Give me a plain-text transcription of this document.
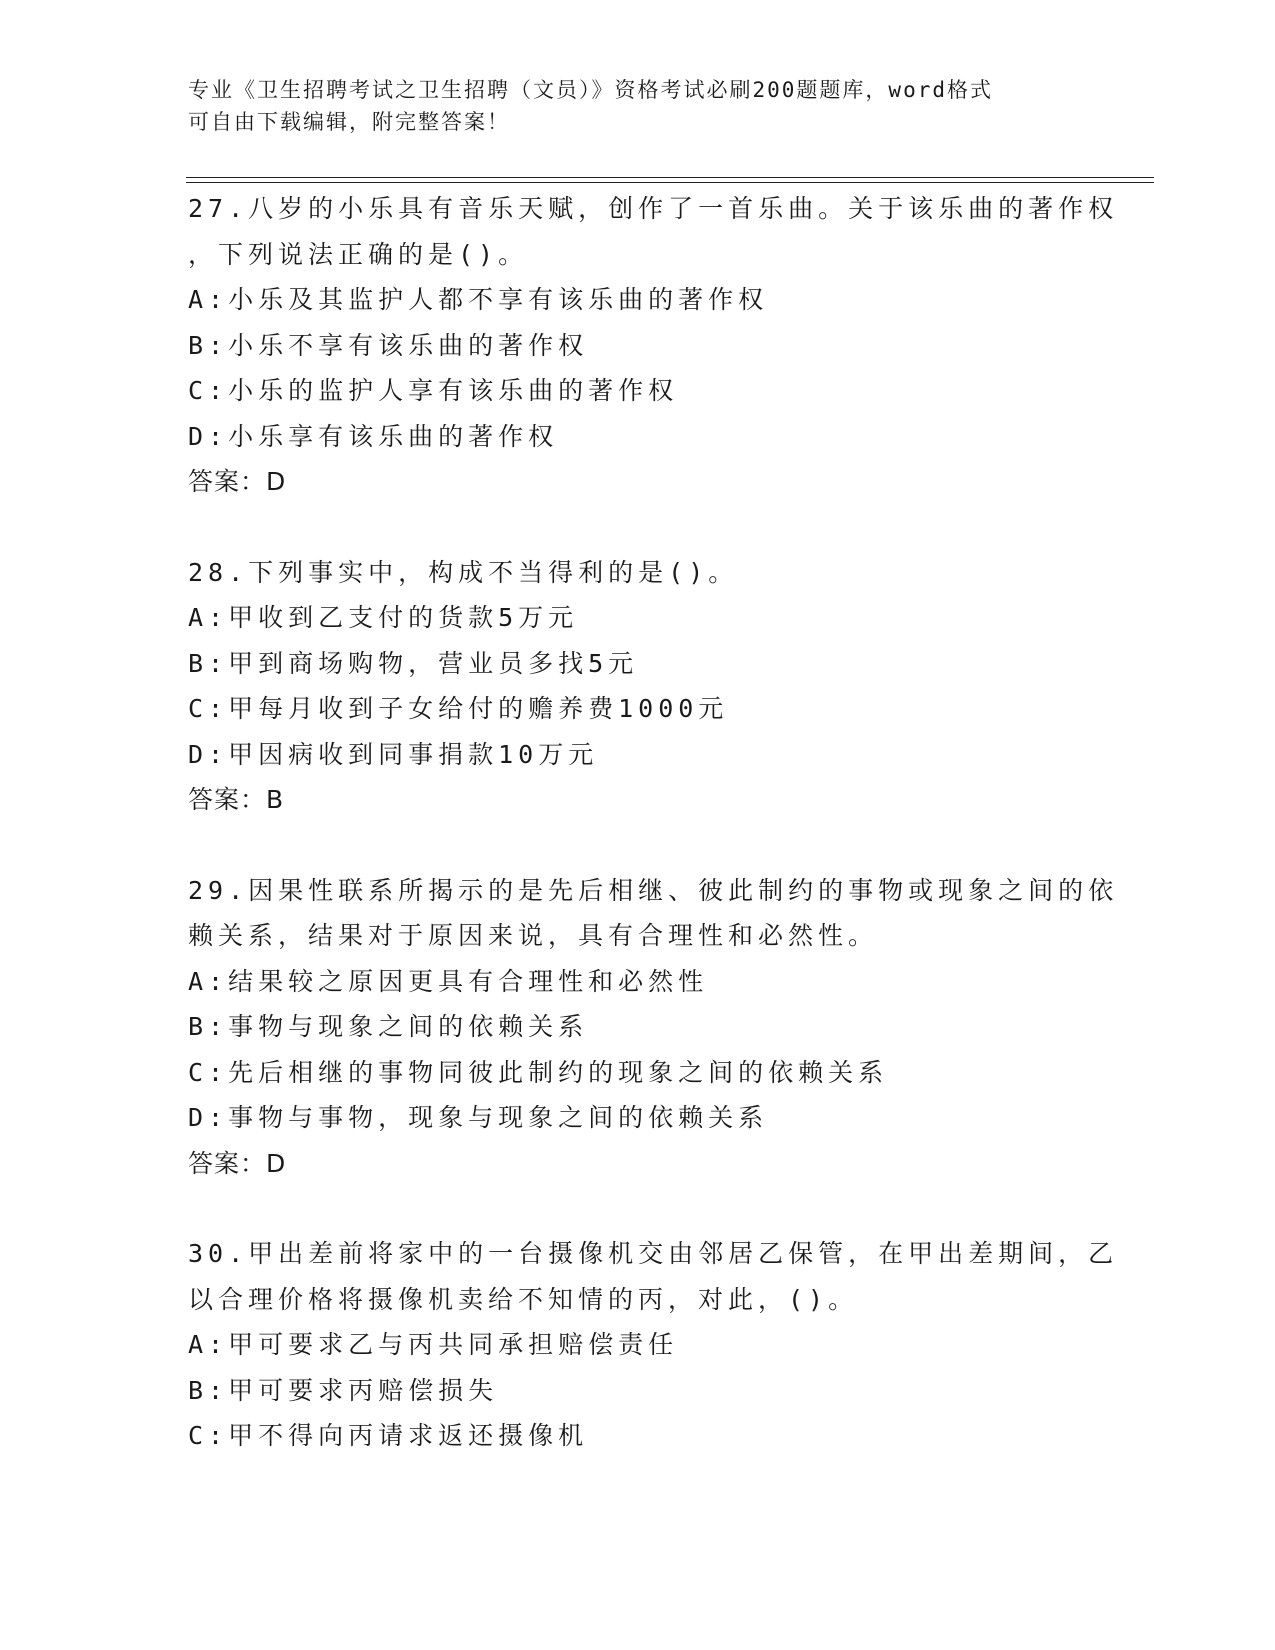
专业《卫生招聘考试之卫生招聘（文员）》资格考试必刷200题题库，word格式
可自由下载编辑，附完整答案！
27.八岁的小乐具有音乐天赋，创作了一首乐曲。关于该乐曲的著作权
，下列说法正确的是()。
A:小乐及其监护人都不享有该乐曲的著作权
B:小乐不享有该乐曲的著作权
C:小乐的监护人享有该乐曲的著作权
D:小乐享有该乐曲的著作权
答案：D
28.下列事实中，构成不当得利的是()。
A:甲收到乙支付的货款5万元
B:甲到商场购物，营业员多找5元
C:甲每月收到子女给付的赡养费1000元
D:甲因病收到同事捐款10万元
答案：B
29.因果性联系所揭示的是先后相继、彼此制约的事物或现象之间的依
赖关系，结果对于原因来说，具有合理性和必然性。
A:结果较之原因更具有合理性和必然性
B:事物与现象之间的依赖关系
C:先后相继的事物同彼此制约的现象之间的依赖关系
D:事物与事物，现象与现象之间的依赖关系
答案：D
30.甲出差前将家中的一台摄像机交由邻居乙保管，在甲出差期间，乙
以合理价格将摄像机卖给不知情的丙，对此，()。
A:甲可要求乙与丙共同承担赔偿责任
B:甲可要求丙赔偿损失
C:甲不得向丙请求返还摄像机
